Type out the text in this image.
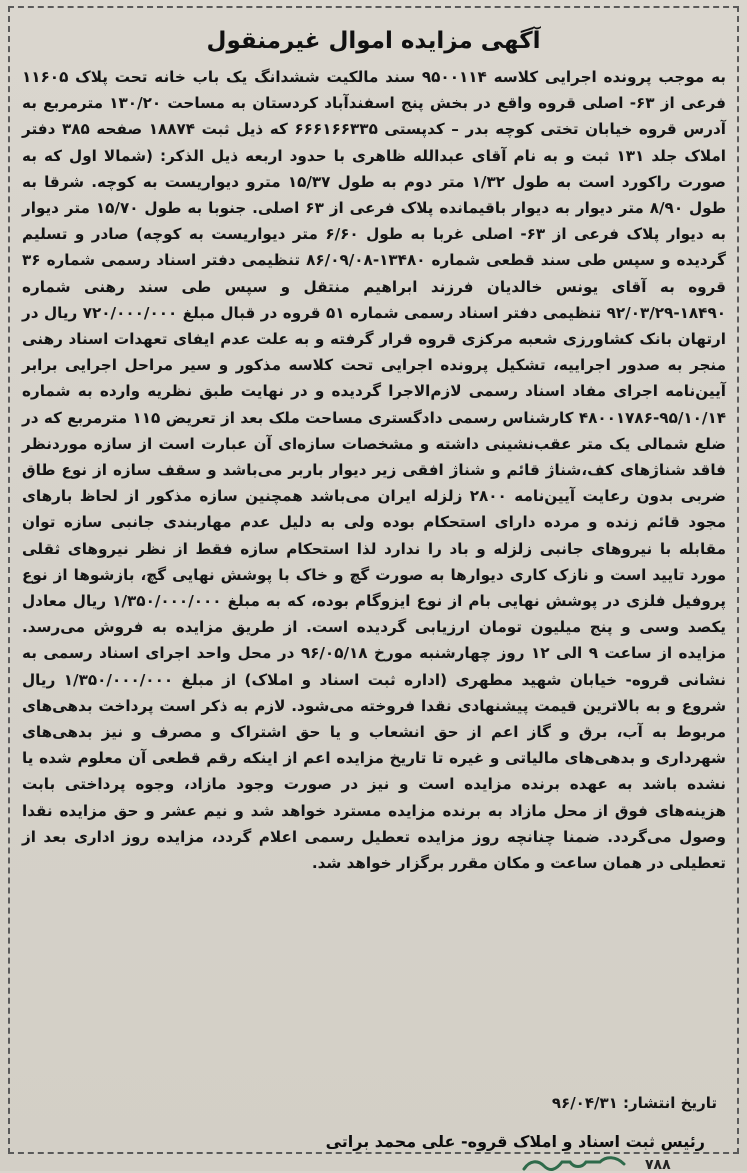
آگهی مزایده اموال غیرمنقول

به موجب پرونده اجرایی کلاسه ۹۵۰۰۱۱۴ سند مالکیت ششدانگ یک باب خانه تحت پلاک ۱۱۶۰۵ فرعی از ۶۳- اصلی قروه واقع در بخش پنج اسفندآباد کردستان به مساحت ۱۳۰/۲۰ مترمربع به آدرس قروه خیابان تختی کوچه بدر – کدپستی ۶۶۶۱۶۶۳۳۵ که ذیل ثبت ۱۸۸۷۴ صفحه ۳۸۵ دفتر املاک جلد ۱۳۱ ثبت و به نام آقای عبدالله ظاهری با حدود اربعه ذیل الذکر: (شمالا اول که به صورت راکورد است به طول ۱/۳۲ متر دوم به طول ۱۵/۳۷ مترو دیواریست به کوچه. شرقا به طول ۸/۹۰ متر دیوار به دیوار باقیمانده پلاک فرعی از ۶۳ اصلی. جنوبا به طول ۱۵/۷۰ متر دیوار به دیوار پلاک فرعی از ۶۳- اصلی غربا به طول ۶/۶۰ متر دیواریست به کوچه) صادر و تسلیم گردیده و سپس طی سند قطعی شماره ۱۳۴۸۰-۸۶/۰۹/۰۸ تنظیمی دفتر اسناد رسمی شماره ۳۶ قروه به آقای یونس خالدیان فرزند ابراهیم منتقل و سپس طی سند رهنی شماره ۱۸۴۹۰-۹۲/۰۳/۲۹ تنظیمی دفتر اسناد رسمی شماره ۵۱ قروه در قبال مبلغ ۷۲۰/۰۰۰/۰۰۰ ریال در ارتهان بانک کشاورزی شعبه مرکزی قروه قرار گرفته و به علت عدم ایفای تعهدات اسناد رهنی منجر به صدور اجراییه، تشکیل پرونده اجرایی تحت کلاسه مذکور و سیر مراحل اجرایی برابر آیین‌نامه اجرای مفاد اسناد رسمی لازم‌الاجرا گردیده و در نهایت طبق نظریه وارده به شماره ۹۵/۱۰/۱۴-۴۸۰۰۱۷۸۶ کارشناس رسمی دادگستری مساحت ملک بعد از تعریض ۱۱۵ مترمربع که در ضلع شمالی یک متر عقب‌نشینی داشته و مشخصات سازه‌ای آن عبارت است از سازه موردنظر فاقد شناژهای کف،شناژ قائم و شناژ افقی زیر دیوار باربر می‌باشد و سقف سازه از نوع طاق ضربی بدون رعایت آیین‌نامه ۲۸۰۰ زلزله ایران می‌باشد همچنین سازه مذکور از لحاظ بارهای مجود قائم زنده و مرده دارای استحکام بوده ولی به دلیل عدم مهاربندی جانبی سازه توان مقابله با نیروهای جانبی زلزله و باد را ندارد لذا استحکام سازه فقط از نظر نیروهای ثقلی مورد تایید است و نازک کاری دیوارها به صورت گچ و خاک با پوشش نهایی گچ، بازشوها از نوع پروفیل فلزی در پوشش نهایی بام از نوع ایزوگام بوده، که به مبلغ ۱/۳۵۰/۰۰۰/۰۰۰ ریال معادل یکصد وسی و پنج میلیون تومان ارزیابی گردیده است. از طریق مزایده به فروش می‌رسد. مزایده از ساعت ۹ الی ۱۲ روز چهارشنبه مورخ ۹۶/۰۵/۱۸ در محل واحد اجرای اسناد رسمی به نشانی قروه- خیابان شهید مطهری (اداره ثبت اسناد و املاک) از مبلغ ۱/۳۵۰/۰۰۰/۰۰۰ ریال شروع و به بالاترین قیمت پیشنهادی نقدا فروخته می‌شود. لازم به ذکر است پرداخت بدهی‌های مربوط به آب، برق و گاز اعم از حق انشعاب و یا حق اشتراک و مصرف و نیز بدهی‌های شهرداری و بدهی‌های مالیاتی و غیره تا تاریخ مزایده اعم از اینکه رقم قطعی آن معلوم شده یا نشده باشد به عهده برنده مزایده است و نیز در صورت وجود مازاد، وجوه پرداختی بابت هزینه‌های فوق از محل مازاد به برنده مزایده مسترد خواهد شد و نیم عشر و حق مزایده نقدا وصول می‌گردد. ضمنا چنانچه روز مزایده تعطیل رسمی اعلام گردد، مزایده روز اداری بعد از تعطیلی در همان ساعت و مکان مقرر برگزار خواهد شد.

تاریخ انتشار: ۹۶/۰۴/۳۱
رئیس ثبت اسناد و املاک قروه- علی محمد براتی
۷۸۸
